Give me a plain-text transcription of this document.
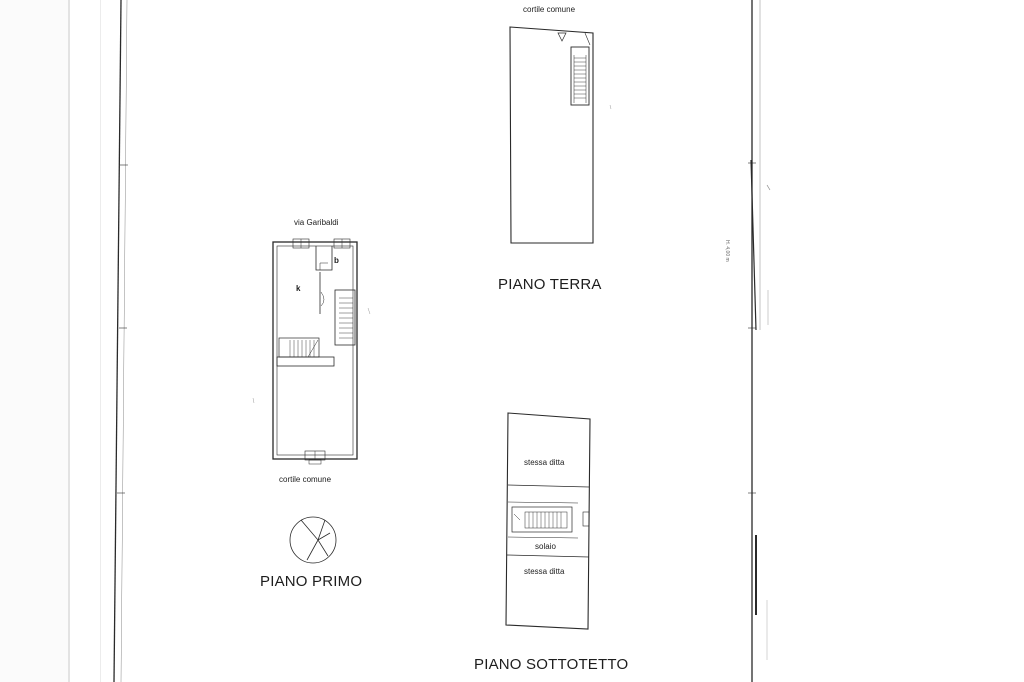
cortile comune
PIANO TERRA
via Garibaldi
k
b
cortile comune
PIANO PRIMO
stessa ditta
solaio
stessa ditta
PIANO SOTTOTETTO
H. 4,00 m
